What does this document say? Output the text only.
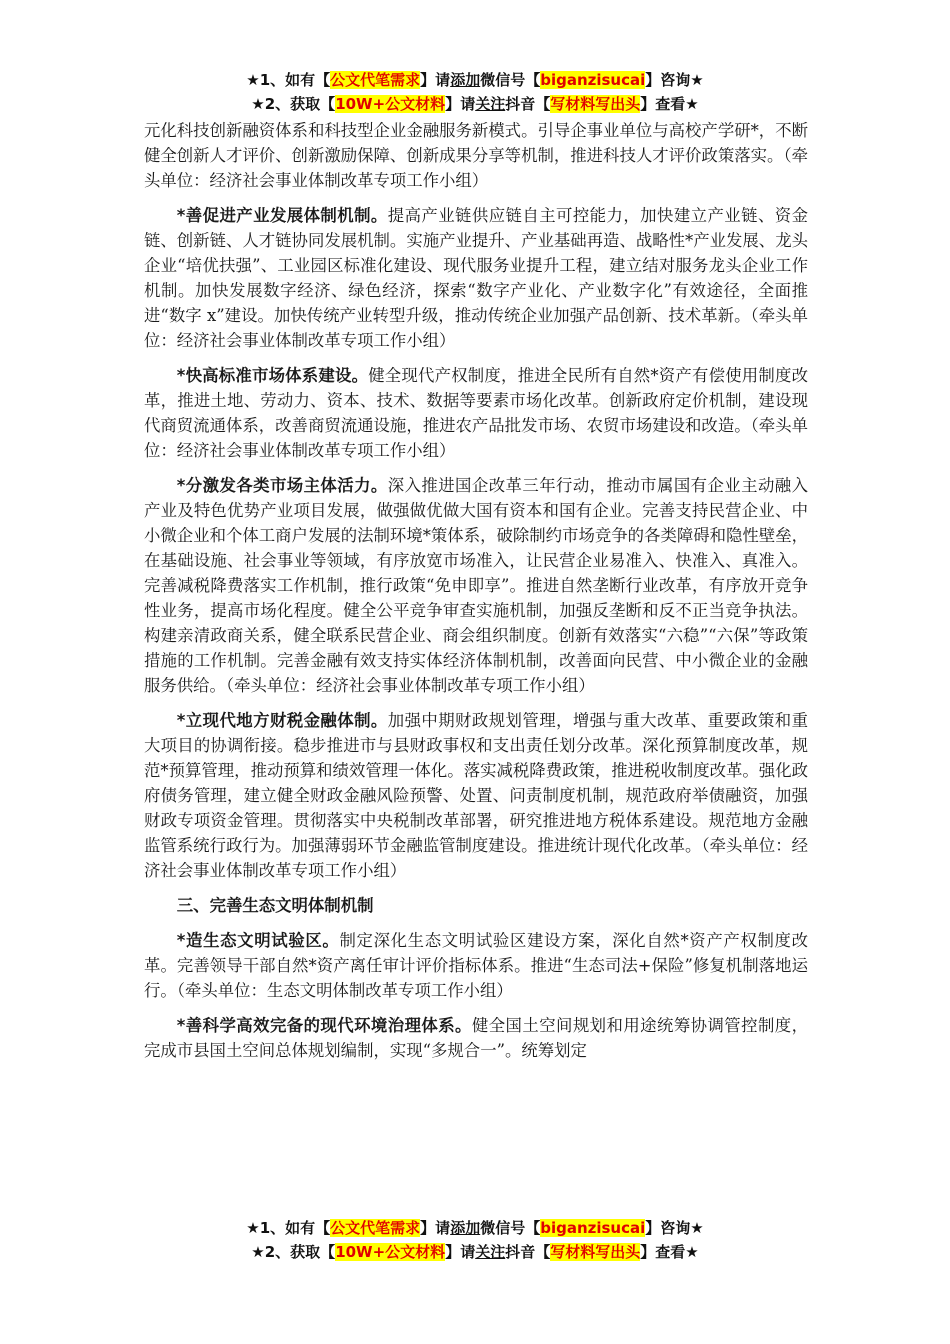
★1、如有【公文代笔需求】请添加微信号【biganzisucai】咨询★
★2、获取【10W+公文材料】请关注抖音【写材料写出头】查看★

元化科技创新融资体系和科技型企业金融服务新模式。引导企事业单位与高校产学研*，不断健全创新人才评价、创新激励保障、创新成果分享等机制，推进科技人才评价政策落实。（牵头单位：经济社会事业体制改革专项工作小组）

*善促进产业发展体制机制。提高产业链供应链自主可控能力，加快建立产业链、资金链、创新链、人才链协同发展机制。实施产业提升、产业基础再造、战略性*产业发展、龙头企业“培优扶强”、工业园区标准化建设、现代服务业提升工程，建立结对服务龙头企业工作机制。加快发展数字经济、绿色经济，探索“数字产业化、产业数字化”有效途径，全面推进“数字 x”建设。加快传统产业转型升级，推动传统企业加强产品创新、技术革新。（牵头单位：经济社会事业体制改革专项工作小组）

*快高标准市场体系建设。健全现代产权制度，推进全民所有自然*资产有偿使用制度改革，推进土地、劳动力、资本、技术、数据等要素市场化改革。创新政府定价机制，建设现代商贸流通体系，改善商贸流通设施，推进农产品批发市场、农贸市场建设和改造。（牵头单位：经济社会事业体制改革专项工作小组）

*分激发各类市场主体活力。深入推进国企改革三年行动，推动市属国有企业主动融入产业及特色优势产业项目发展，做强做优做大国有资本和国有企业。完善支持民营企业、中小微企业和个体工商户发展的法制环境*策体系，破除制约市场竞争的各类障碍和隐性壁垒，在基础设施、社会事业等领域，有序放宽市场准入，让民营企业易准入、快准入、真准入。完善减税降费落实工作机制，推行政策“免申即享”。推进自然垄断行业改革，有序放开竞争性业务，提高市场化程度。健全公平竞争审查实施机制，加强反垄断和反不正当竞争执法。构建亲清政商关系，健全联系民营企业、商会组织制度。创新有效落实“六稳”“六保”等政策措施的工作机制。完善金融有效支持实体经济体制机制，改善面向民营、中小微企业的金融服务供给。（牵头单位：经济社会事业体制改革专项工作小组）

*立现代地方财税金融体制。加强中期财政规划管理，增强与重大改革、重要政策和重大项目的协调衔接。稳步推进市与县财政事权和支出责任划分改革。深化预算制度改革，规范*预算管理，推动预算和绩效管理一体化。落实减税降费政策，推进税收制度改革。强化政府债务管理，建立健全财政金融风险预警、处置、问责制度机制，规范政府举债融资，加强财政专项资金管理。贯彻落实中央税制改革部署，研究推进地方税体系建设。规范地方金融监管系统行政行为。加强薄弱环节金融监管制度建设。推进统计现代化改革。（牵头单位：经济社会事业体制改革专项工作小组）

三、完善生态文明体制机制

*造生态文明试验区。制定深化生态文明试验区建设方案，深化自然*资产产权制度改革。完善领导干部自然*资产离任审计评价指标体系。推进“生态司法+保险”修复机制落地运行。（牵头单位：生态文明体制改革专项工作小组）

*善科学高效完备的现代环境治理体系。健全国土空间规划和用途统筹协调管控制度，完成市县国土空间总体规划编制，实现“多规合一”。统筹划定

★1、如有【公文代笔需求】请添加微信号【biganzisucai】咨询★
★2、获取【10W+公文材料】请关注抖音【写材料写出头】查看★
